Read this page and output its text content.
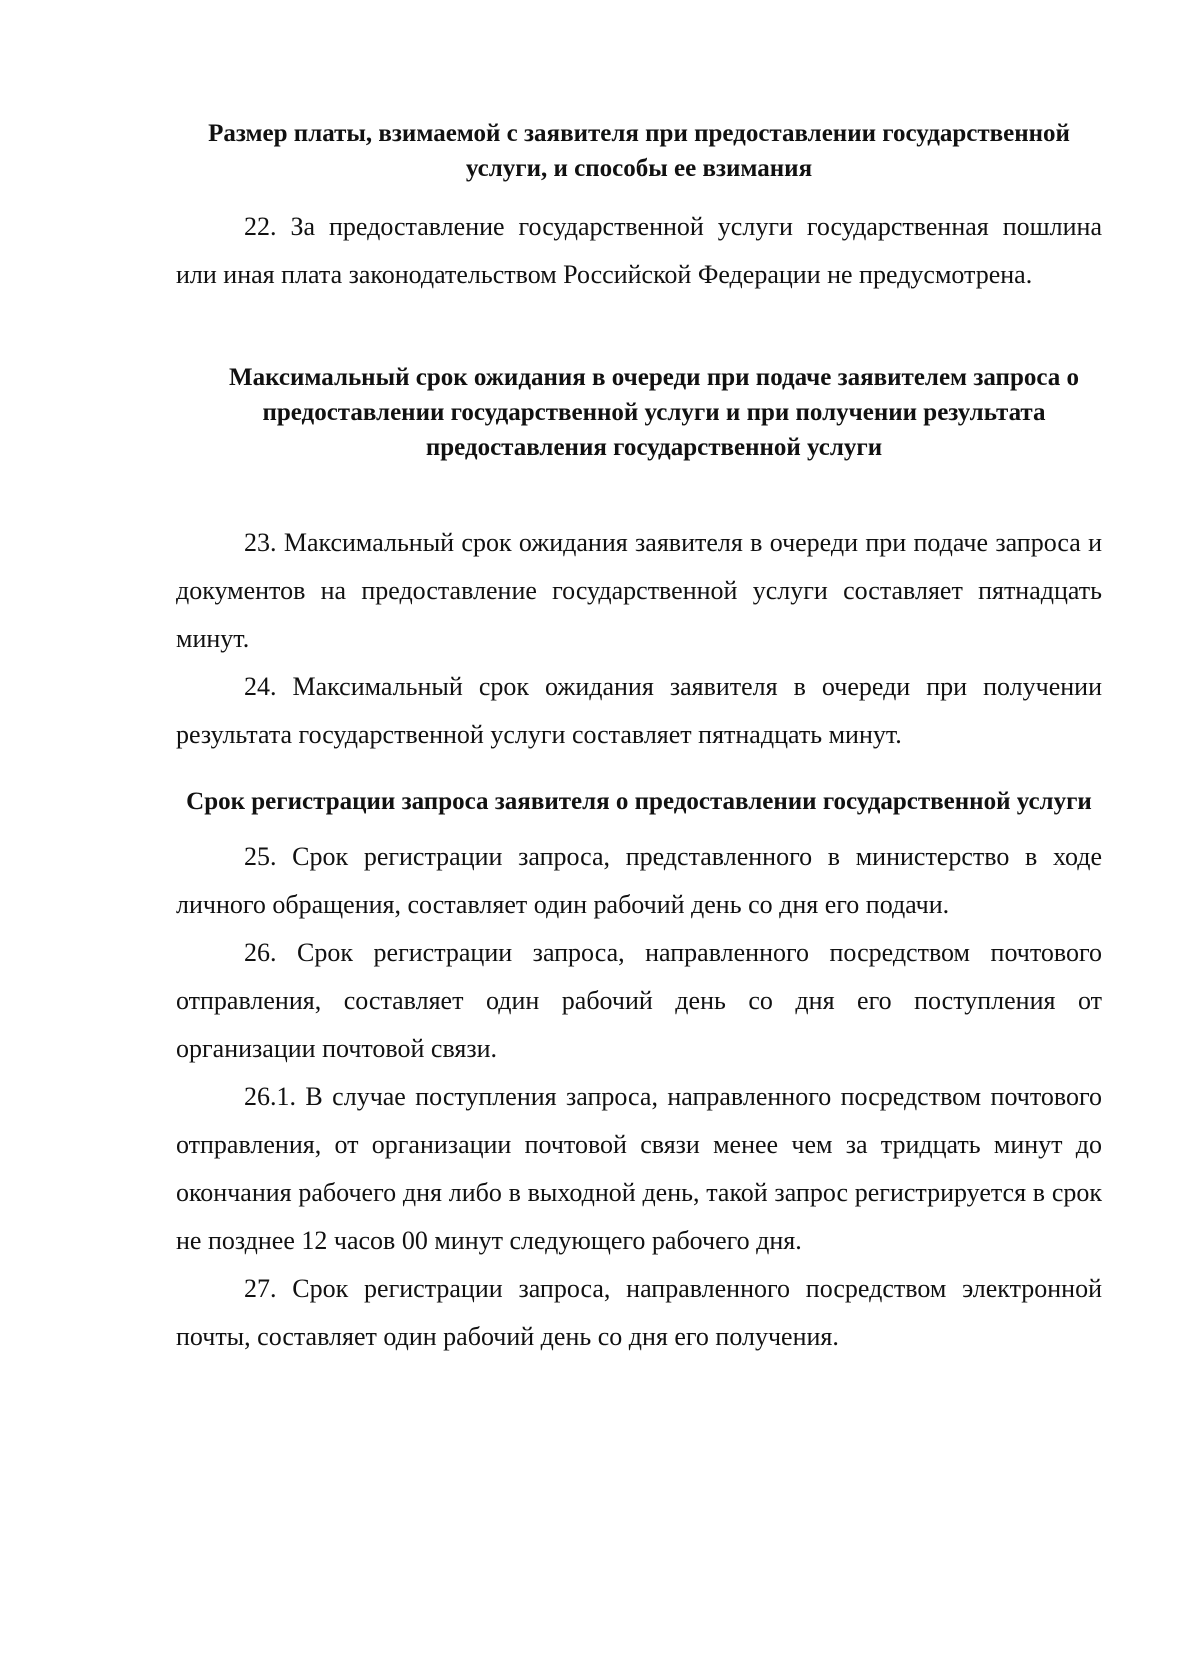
Размер платы, взимаемой с заявителя при предоставлении государственной услуги, и способы ее взимания

22. За предоставление государственной услуги государственная пошлина или иная плата законодательством Российской Федерации не предусмотрена.

Максимальный срок ожидания в очереди при подаче заявителем запроса о предоставлении государственной услуги и при получении результата предоставления государственной услуги

23. Максимальный срок ожидания заявителя в очереди при подаче запроса и документов на предоставление государственной услуги составляет пятнадцать минут.

24. Максимальный срок ожидания заявителя в очереди при получении результата государственной услуги составляет пятнадцать минут.

Срок регистрации запроса заявителя о предоставлении государственной услуги

25. Срок регистрации запроса, представленного в министерство в ходе личного обращения, составляет один рабочий день со дня его подачи.

26. Срок регистрации запроса, направленного посредством почтового отправления, составляет один рабочий день со дня его поступления от организации почтовой связи.

26.1. В случае поступления запроса, направленного посредством почтового отправления, от организации почтовой связи менее чем за тридцать минут до окончания рабочего дня либо в выходной день, такой запрос регистрируется в срок не позднее 12 часов 00 минут следующего рабочего дня.

27. Срок регистрации запроса, направленного посредством электронной почты, составляет один рабочий день со дня его получения.
